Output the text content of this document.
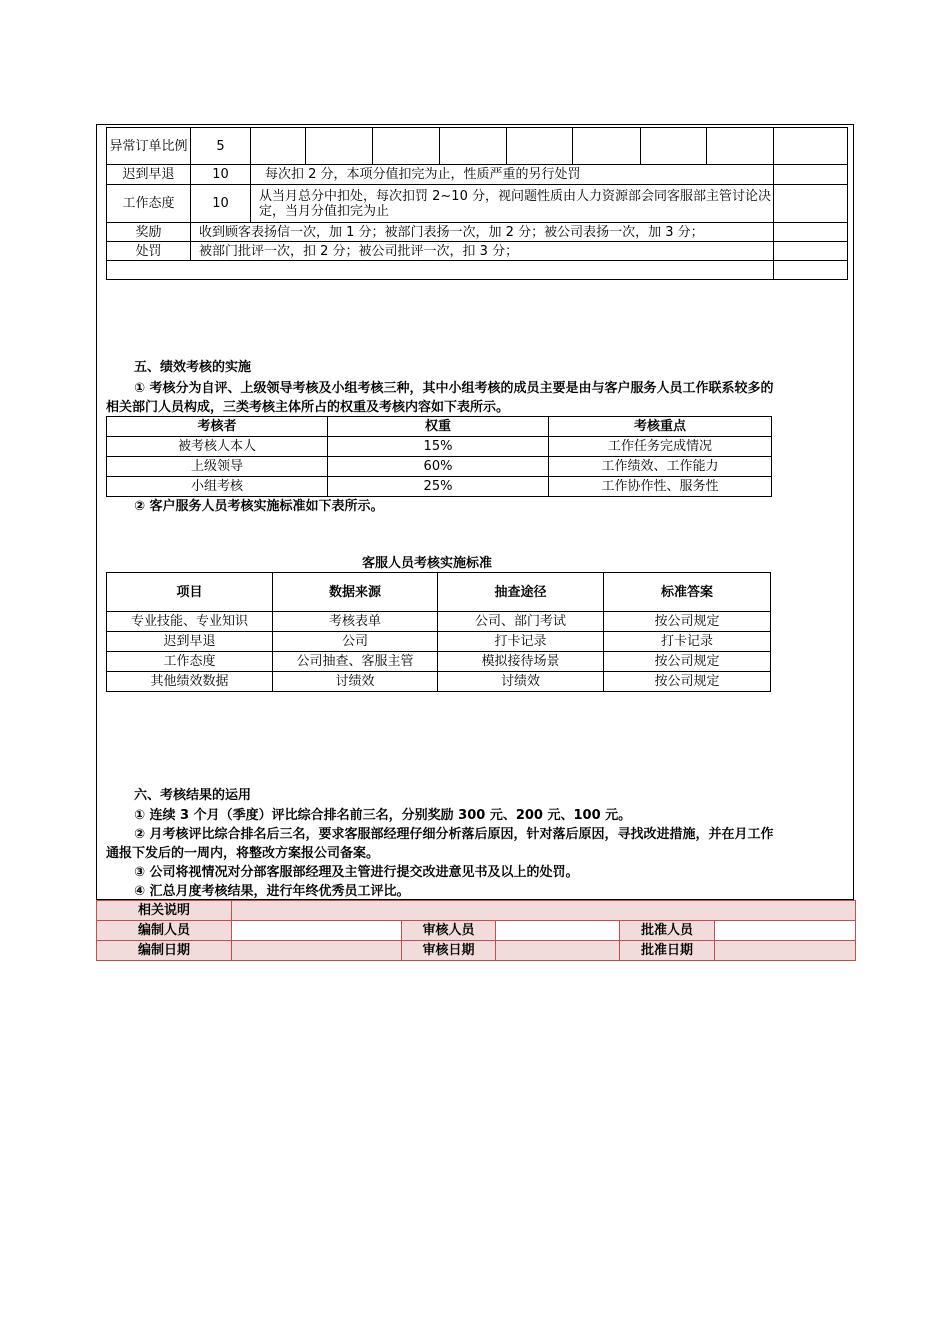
异常订单比例	5									
迟到早退	10	每次扣 2 分，本项分值扣完为止，性质严重的另行处罚								
工作态度	10	从当月总分中扣处，每次扣罚 2~10 分，视问题性质由人力资源部会同客服部主管讨论决定，当月分值扣完为止								
奖励	收到顾客表扬信一次，加 1 分；被部门表扬一次，加 2 分；被公司表扬一次，加 3 分；									
处罚	被部门批评一次，扣 2 分；被公司批评一次，扣 3 分；									

五、绩效考核的实施
① 考核分为自评、上级领导考核及小组考核三种，其中小组考核的成员主要是由与客户服务人员工作联系较多的
相关部门人员构成，三类考核主体所占的权重及考核内容如下表所示。
考核者	权重	考核重点
被考核人本人	15%	工作任务完成情况
上级领导	60%	工作绩效、工作能力
小组考核	25%	工作协作性、服务性
② 客户服务人员考核实施标准如下表所示。
客服人员考核实施标准
项目	数据来源	抽查途径	标准答案
专业技能、专业知识	考核表单	公司、部门考试	按公司规定
迟到早退	公司	打卡记录	打卡记录
工作态度	公司抽查、客服主管	模拟接待场景	按公司规定
其他绩效数据	讨绩效	讨绩效	按公司规定
六、考核结果的运用
① 连续 3 个月（季度）评比综合排名前三名，分别奖励 300 元、200 元、100 元。
② 月考核评比综合排名后三名，要求客服部经理仔细分析落后原因，针对落后原因，寻找改进措施，并在月工作
通报下发后的一周内，将整改方案报公司备案。
③ 公司将视情况对分部客服部经理及主管进行提交改进意见书及以上的处罚。
④ 汇总月度考核结果，进行年终优秀员工评比。
相关说明					
编制人员		审核人员		批准人员	
编制日期		审核日期		批准日期	
